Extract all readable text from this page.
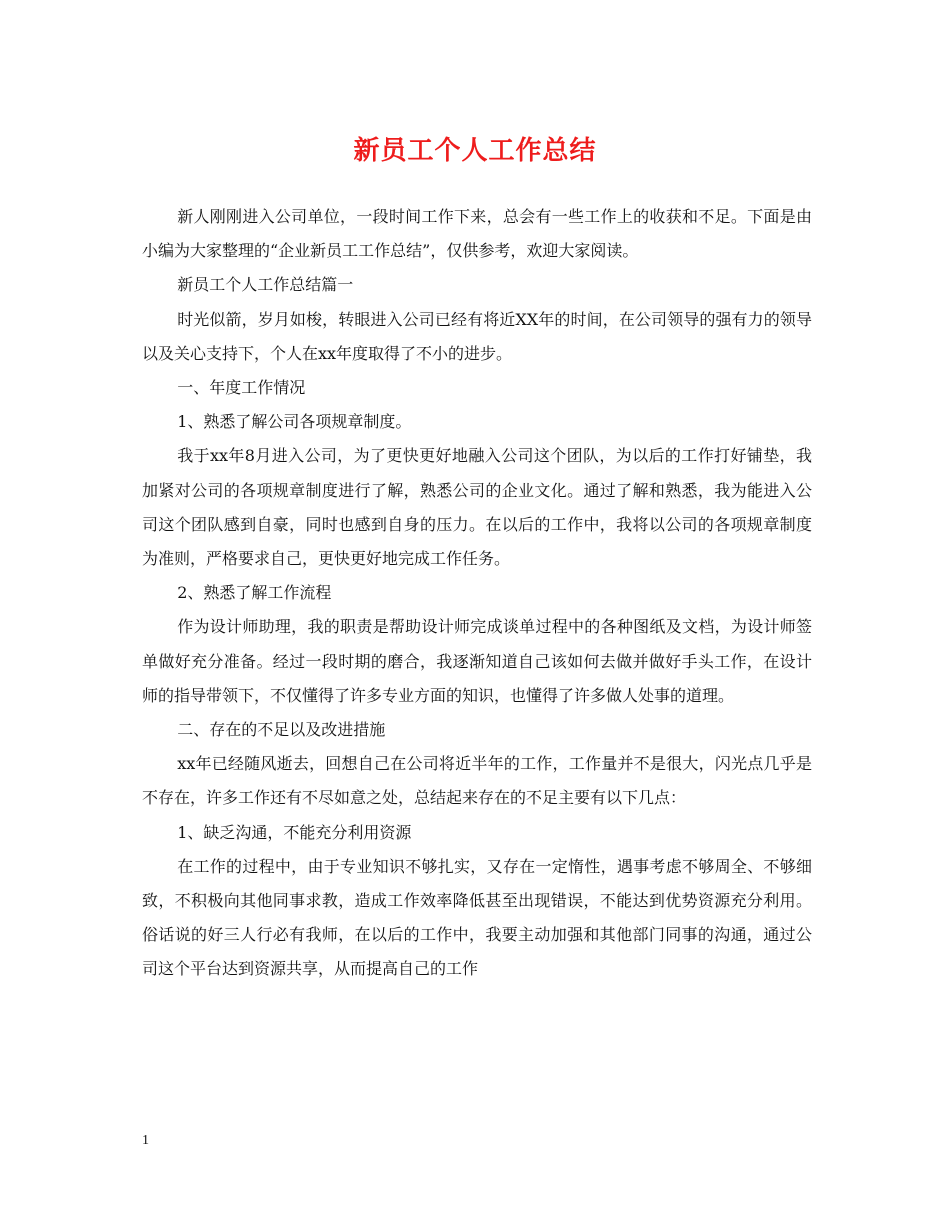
新员工个人工作总结

新人刚刚进入公司单位，一段时间工作下来，总会有一些工作上的收获和不足。下面是由小编为大家整理的“企业新员工工作总结”，仅供参考，欢迎大家阅读。

新员工个人工作总结篇一

时光似箭，岁月如梭，转眼进入公司已经有将近XX年的时间，在公司领导的强有力的领导以及关心支持下，个人在xx年度取得了不小的进步。

一、年度工作情况

1、熟悉了解公司各项规章制度。

我于xx年8月进入公司，为了更快更好地融入公司这个团队，为以后的工作打好铺垫，我加紧对公司的各项规章制度进行了解，熟悉公司的企业文化。通过了解和熟悉，我为能进入公司这个团队感到自豪，同时也感到自身的压力。在以后的工作中，我将以公司的各项规章制度为准则，严格要求自己，更快更好地完成工作任务。

2、熟悉了解工作流程

作为设计师助理，我的职责是帮助设计师完成谈单过程中的各种图纸及文档，为设计师签单做好充分准备。经过一段时期的磨合，我逐渐知道自己该如何去做并做好手头工作，在设计师的指导带领下，不仅懂得了许多专业方面的知识，也懂得了许多做人处事的道理。

二、存在的不足以及改进措施

xx年已经随风逝去，回想自己在公司将近半年的工作，工作量并不是很大，闪光点几乎是不存在，许多工作还有不尽如意之处，总结起来存在的不足主要有以下几点：

1、缺乏沟通，不能充分利用资源

在工作的过程中，由于专业知识不够扎实，又存在一定惰性，遇事考虑不够周全、不够细致，不积极向其他同事求教，造成工作效率降低甚至出现错误，不能达到优势资源充分利用。俗话说的好三人行必有我师，在以后的工作中，我要主动加强和其他部门同事的沟通，通过公司这个平台达到资源共享，从而提高自己的工作

1
